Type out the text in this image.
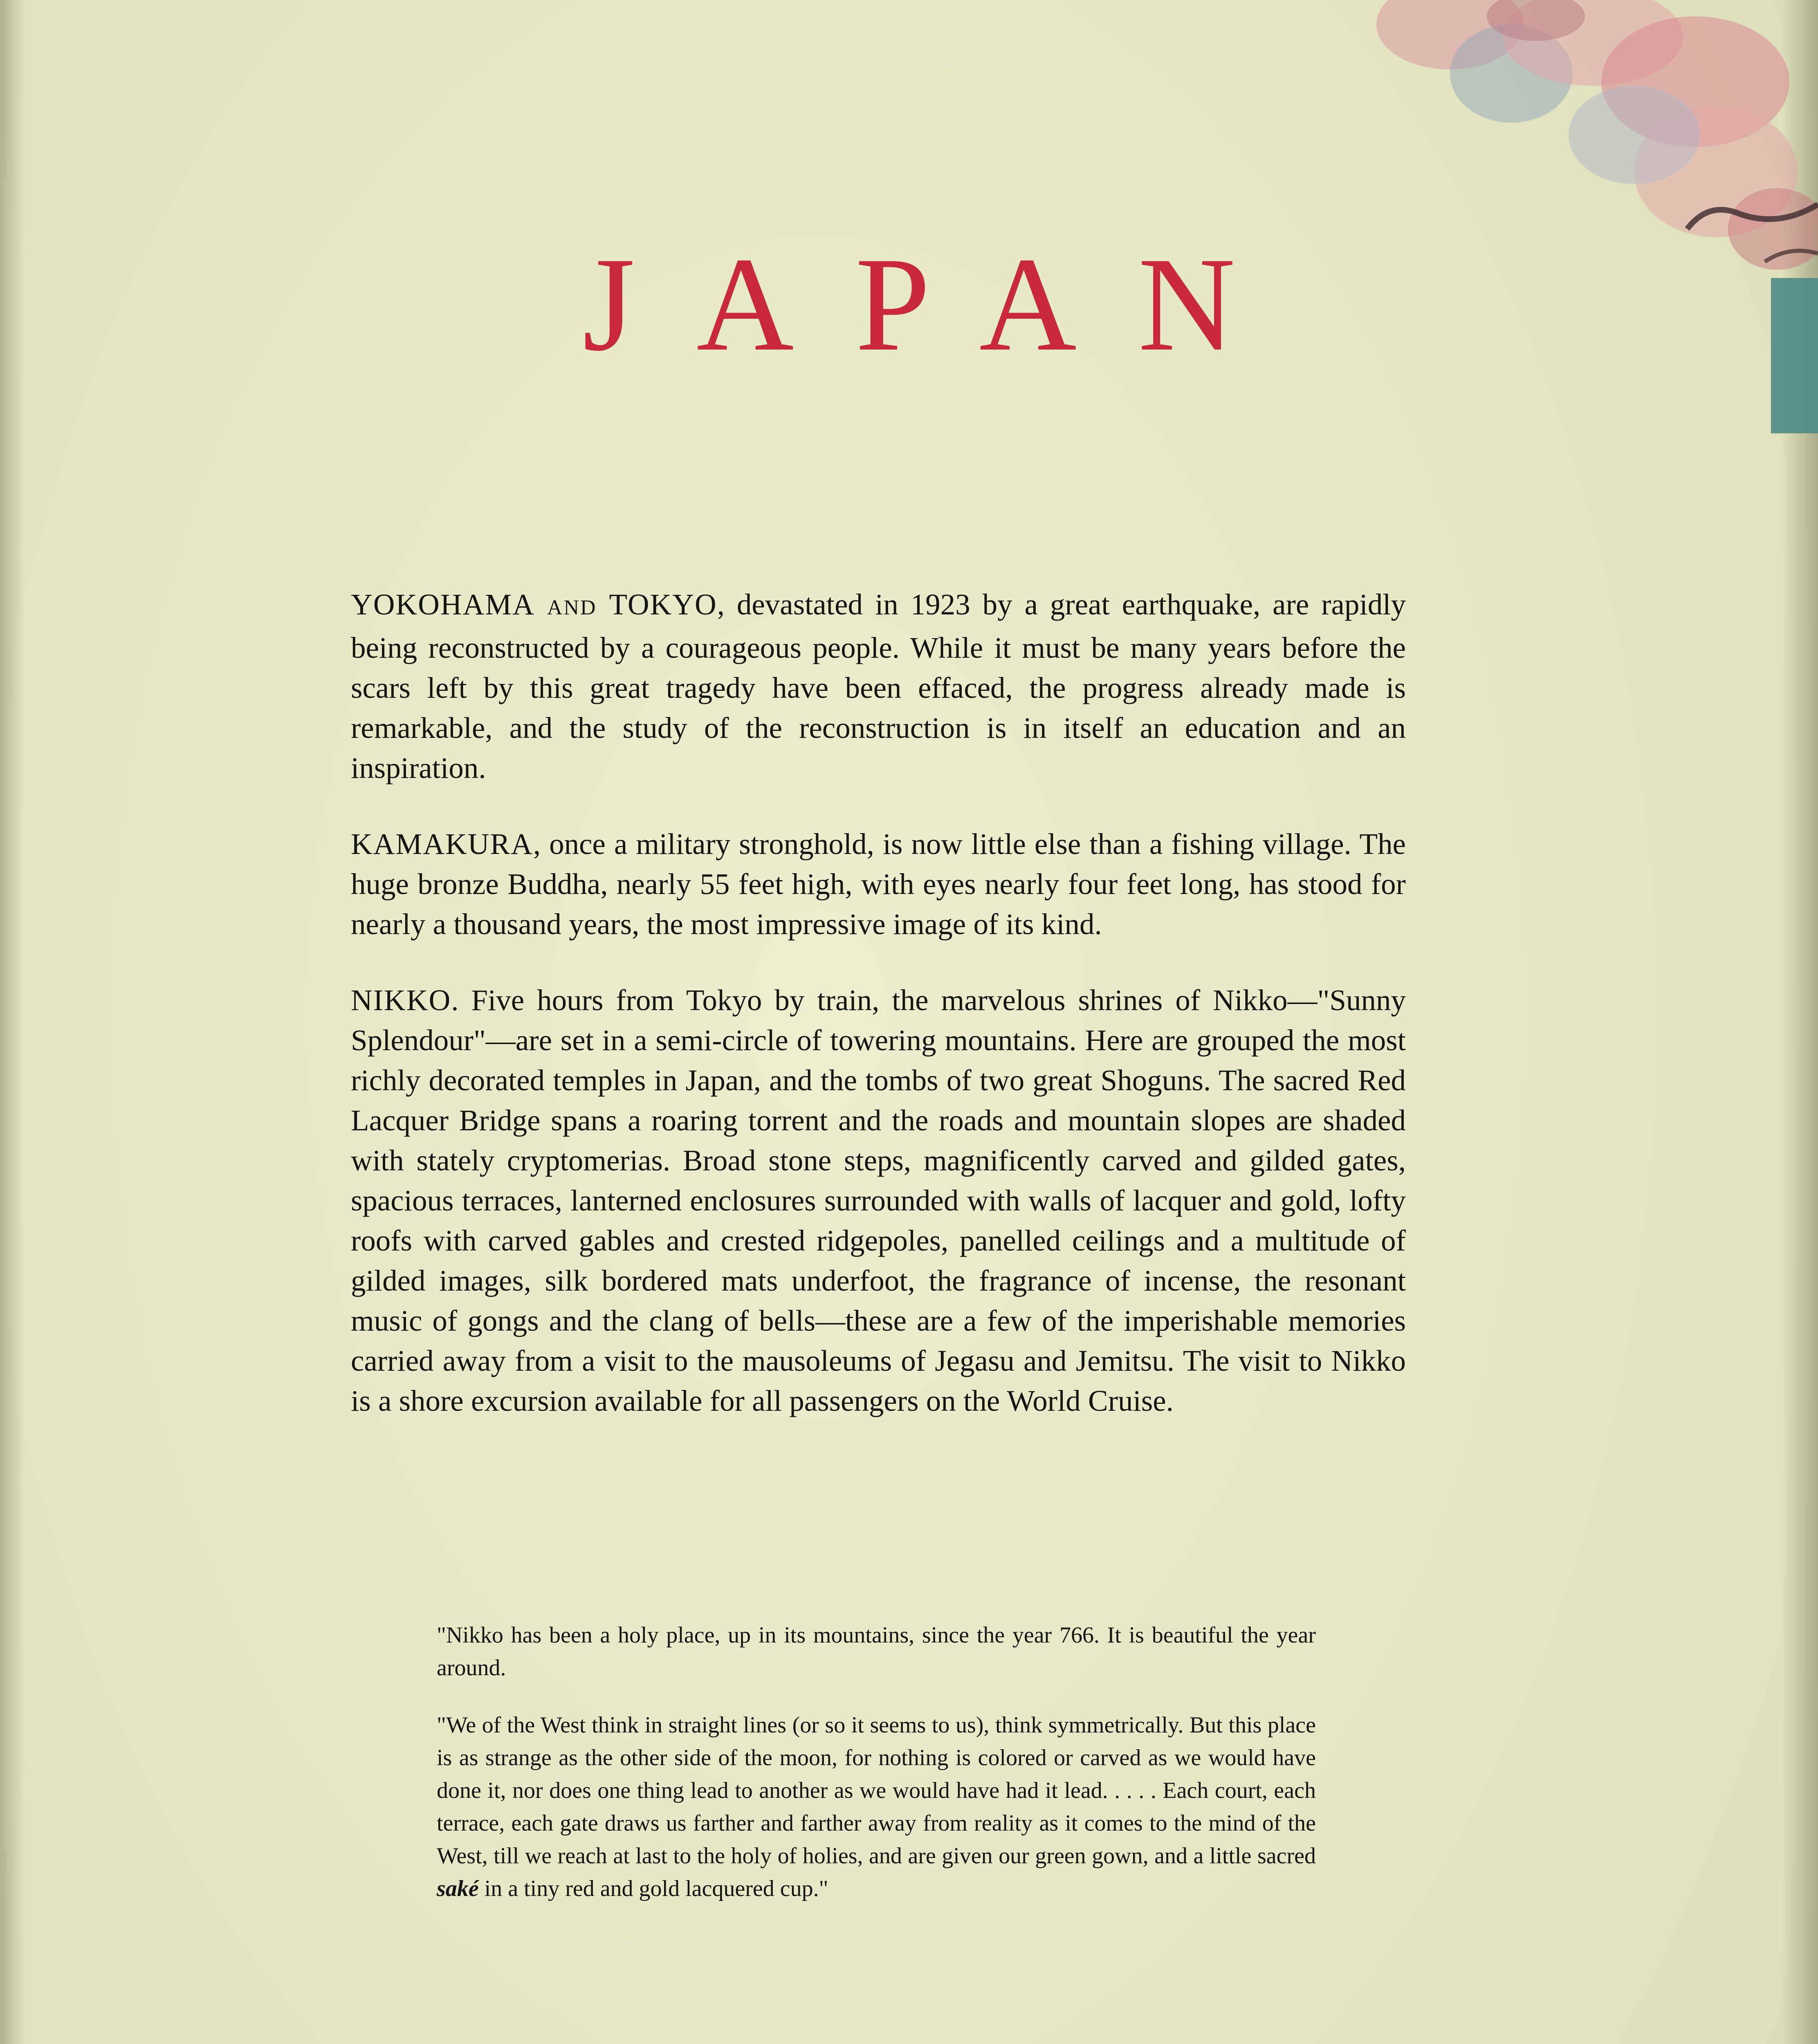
JAPAN

YOKOHAMA AND TOKYO, devastated in 1923 by a great earthquake, are rapidly being reconstructed by a courageous people. While it must be many years before the scars left by this great tragedy have been effaced, the progress already made is remarkable, and the study of the reconstruction is in itself an education and an inspiration.

KAMAKURA, once a military stronghold, is now little else than a fishing village. The huge bronze Buddha, nearly 55 feet high, with eyes nearly four feet long, has stood for nearly a thousand years, the most impressive image of its kind.

NIKKO. Five hours from Tokyo by train, the marvelous shrines of Nikko—"Sunny Splendour"—are set in a semi-circle of towering mountains. Here are grouped the most richly decorated temples in Japan, and the tombs of two great Shoguns. The sacred Red Lacquer Bridge spans a roaring torrent and the roads and mountain slopes are shaded with stately cryptomerias. Broad stone steps, magnificently carved and gilded gates, spacious terraces, lanterned enclosures surrounded with walls of lacquer and gold, lofty roofs with carved gables and crested ridgepoles, panelled ceilings and a multitude of gilded images, silk bordered mats underfoot, the fragrance of incense, the resonant music of gongs and the clang of bells—these are a few of the imperishable memories carried away from a visit to the mausoleums of Jegasu and Jemitsu. The visit to Nikko is a shore excursion available for all passengers on the World Cruise.

"Nikko has been a holy place, up in its mountains, since the year 766. It is beautiful the year around.

"We of the West think in straight lines (or so it seems to us), think symmetrically. But this place is as strange as the other side of the moon, for nothing is colored or carved as we would have done it, nor does one thing lead to another as we would have had it lead. . . . . Each court, each terrace, each gate draws us farther and farther away from reality as it comes to the mind of the West, till we reach at last to the holy of holies, and are given our green gown, and a little sacred saké in a tiny red and gold lacquered cup."
